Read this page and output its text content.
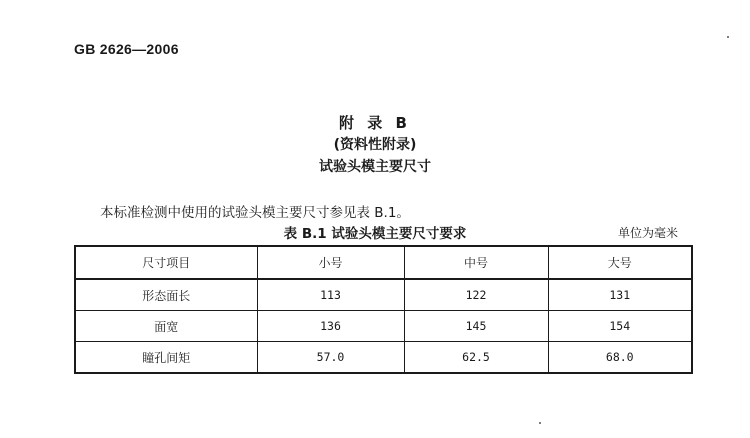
GB 2626—2006
附 录 B
(资料性附录)
试验头模主要尺寸
本标准检测中使用的试验头模主要尺寸参见表 B.1。
表 B.1 试验头模主要尺寸要求	单位为毫米
尺寸项目	小号	中号	大号
形态面长	113	122	131
面宽	136	145	154
瞳孔间矩	57.0	62.5	68.0
